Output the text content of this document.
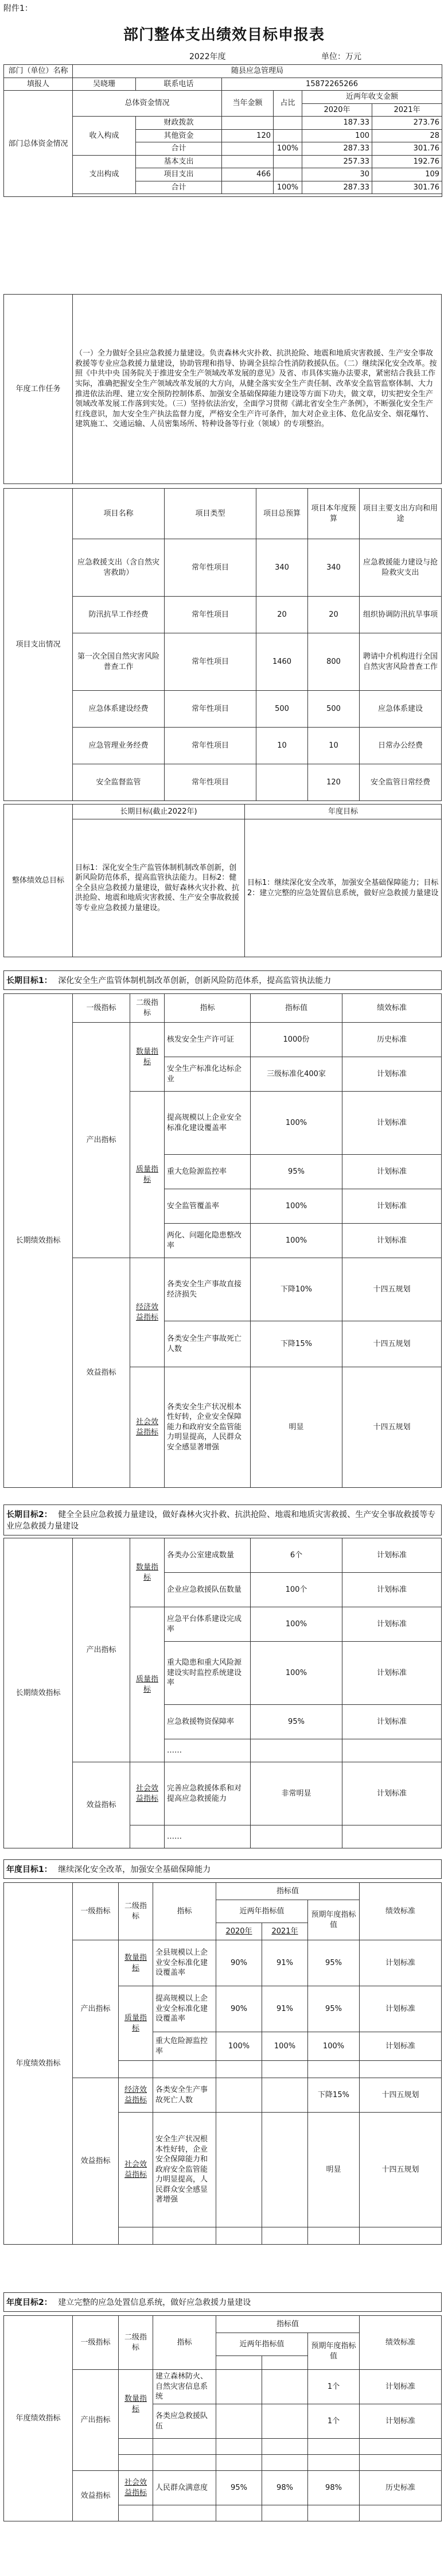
附件1：
部门整体支出绩效目标申报表
2022年度	单位：万元
部门（单位）名称	随县应急管理局					
填报人	吴晓珊	联系电话	15872265266			
部门总体资金情况	总体资金情况		当年金额	占比	近两年收支金额	
					2020年	2021年
	收入构成	财政拨款			187.33	273.76
		其他资金	120		100	28
		合计		100%	287.33	301.76
	支出构成	基本支出			257.33	192.76
		项目支出	466		30	109
		合计		100%	287.33	301.76

年度工作任务	（一）全力做好全县应急救援力量建设。负责森林火灾扑救、抗洪抢险、地震和地质灾害救援、生产安全事故救援等专业应急救援力量建设，协助管理和指导、协调全县综合性消防救援队伍。（二）继续深化安全改革。按照《中共中央 国务院关于推进安全生产领域改革发展的意见》及省、市具体实施办法要求，紧密结合我县工作实际，准确把握安全生产领域改革发展的大方向，从健全落实安全生产责任制、改革安全监管监察体制、大力推进依法治理、建立安全预防控制体系、加强安全基础保障能力建设等方面下功夫，做文章，切实把安全生产领域改革发展工作落到实处。（三）坚持依法治安，全面学习贯彻《湖北省安全生产条例》，不断强化安全生产红线意识，加大安全生产执法监督力度，严格安全生产许可条件，加大对企业主体、危化品安全、烟花爆竹、建筑施工、交通运输、人员密集场所、特种设备等行业（领域）的专项整治。
项目支出情况	项目名称	项目类型	项目总预算	项目本年度预算	项目主要支出方向和用途
	应急救援支出（含自然灾害救助）	常年性项目	340	340	应急救援能力建设与抢险救灾支出
	防汛抗旱工作经费	常年性项目	20	20	组织协调防汛抗旱事项
	第一次全国自然灾害风险普查工作	常年性项目	1460	800	聘请中介机构进行全国自然灾害风险普查工作
	应急体系建设经费	常年性项目	500	500	应急体系建设
	应急管理业务经费	常年性项目	10	10	日常办公经费
	安全监督监管	常年性项目		120	安全监管日常经费
整体绩效总目标	长期目标(截止2022年)	年度目标
	目标1：深化安全生产监管体制机制改革创新，创新风险防范体系，提高监管执法能力。目标2：健全全县应急救援力量建设，做好森林火灾扑救、抗洪抢险、地震和地质灾害救援、生产安全事故救援等专业应急救援力量建设。	目标1：继续深化安全改革，加强安全基础保障能力；目标2：建立完整的应急处置信息系统，做好应急救援力量建设
长期目标1： 深化安全生产监管体制机制改革创新，创新风险防范体系，提高监管执法能力
长期绩效指标	一级指标	二级指标	指标	指标值	绩效标准
	产出指标	数量指标	核发安全生产许可证	1000份	历史标准
			安全生产标准化达标企业	三级标准化400家	计划标准
		质量指标	提高规模以上企业安全标准化建设覆盖率	100%	计划标准
			重大危险源监控率	95%	计划标准
			安全监管覆盖率	100%	计划标准
			两化、问题化隐患整改率	100%	计划标准
	效益指标	经济效益指标	各类安全生产事故直接经济损失	下降10%	十四五规划
			各类安全生产事故死亡人数	下降15%	十四五规划
		社会效益指标	各类安全生产状况根本性好转，企业安全保障能力和政府安全监管能力明显提高，人民群众安全感显著增强	明显	十四五规划
长期目标2： 健全全县应急救援力量建设，做好森林火灾扑救、抗洪抢险、地震和地质灾害救援、生产安全事故救援等专业应急救援力量建设
长期绩效指标	产出指标	数量指标	各类办公室建成数量	6个	计划标准
			企业应急救援队伍数量	100个	计划标准
		质量指标	应急平台体系建设完成率	100%	计划标准
			重大隐患和重大风险源建设实时监控系统建设率	100%	计划标准
			应急救援物资保障率	95%	计划标准
			……		
	效益指标	社会效益指标	完善应急救援体系和对提高应急救援能力	非常明显	计划标准
			……		
年度目标1： 继续深化安全改革，加强安全基础保障能力
年度绩效指标	一级指标	二级指标	指标	指标值			绩效标准
				近两年指标值		预期年度指标值	
				2020年	2021年		
	产出指标	数量指标	全县规模以上企业安全标准化建设覆盖率	90%	91%	95%	计划标准
		质量指标	提高规模以上企业安全标准化建设覆盖率	90%	91%	95%	计划标准
			重大危险源监控率	100%	100%	100%	计划标准

	效益指标	经济效益指标	各类安全生产事故死亡人数			下降15%	十四五规划
		社会效益指标	安全生产状况根本性好转，企业安全保障能力和政府安全监管能力明显提高，人民群众安全感显著增强			明显	十四五规划

年度目标2： 建立完整的应急处置信息系统，做好应急救援力量建设
年度绩效指标	一级指标	二级指标	指标	指标值			绩效标准
				近两年指标值		预期年度指标值	

	产出指标	数量指标	建立森林防火、自然灾害信息系统			1个	计划标准
			各类应急救援队伍			1个	计划标准

	效益指标	社会效益指标	人民群众满意度	95%	98%	98%	历史标准
